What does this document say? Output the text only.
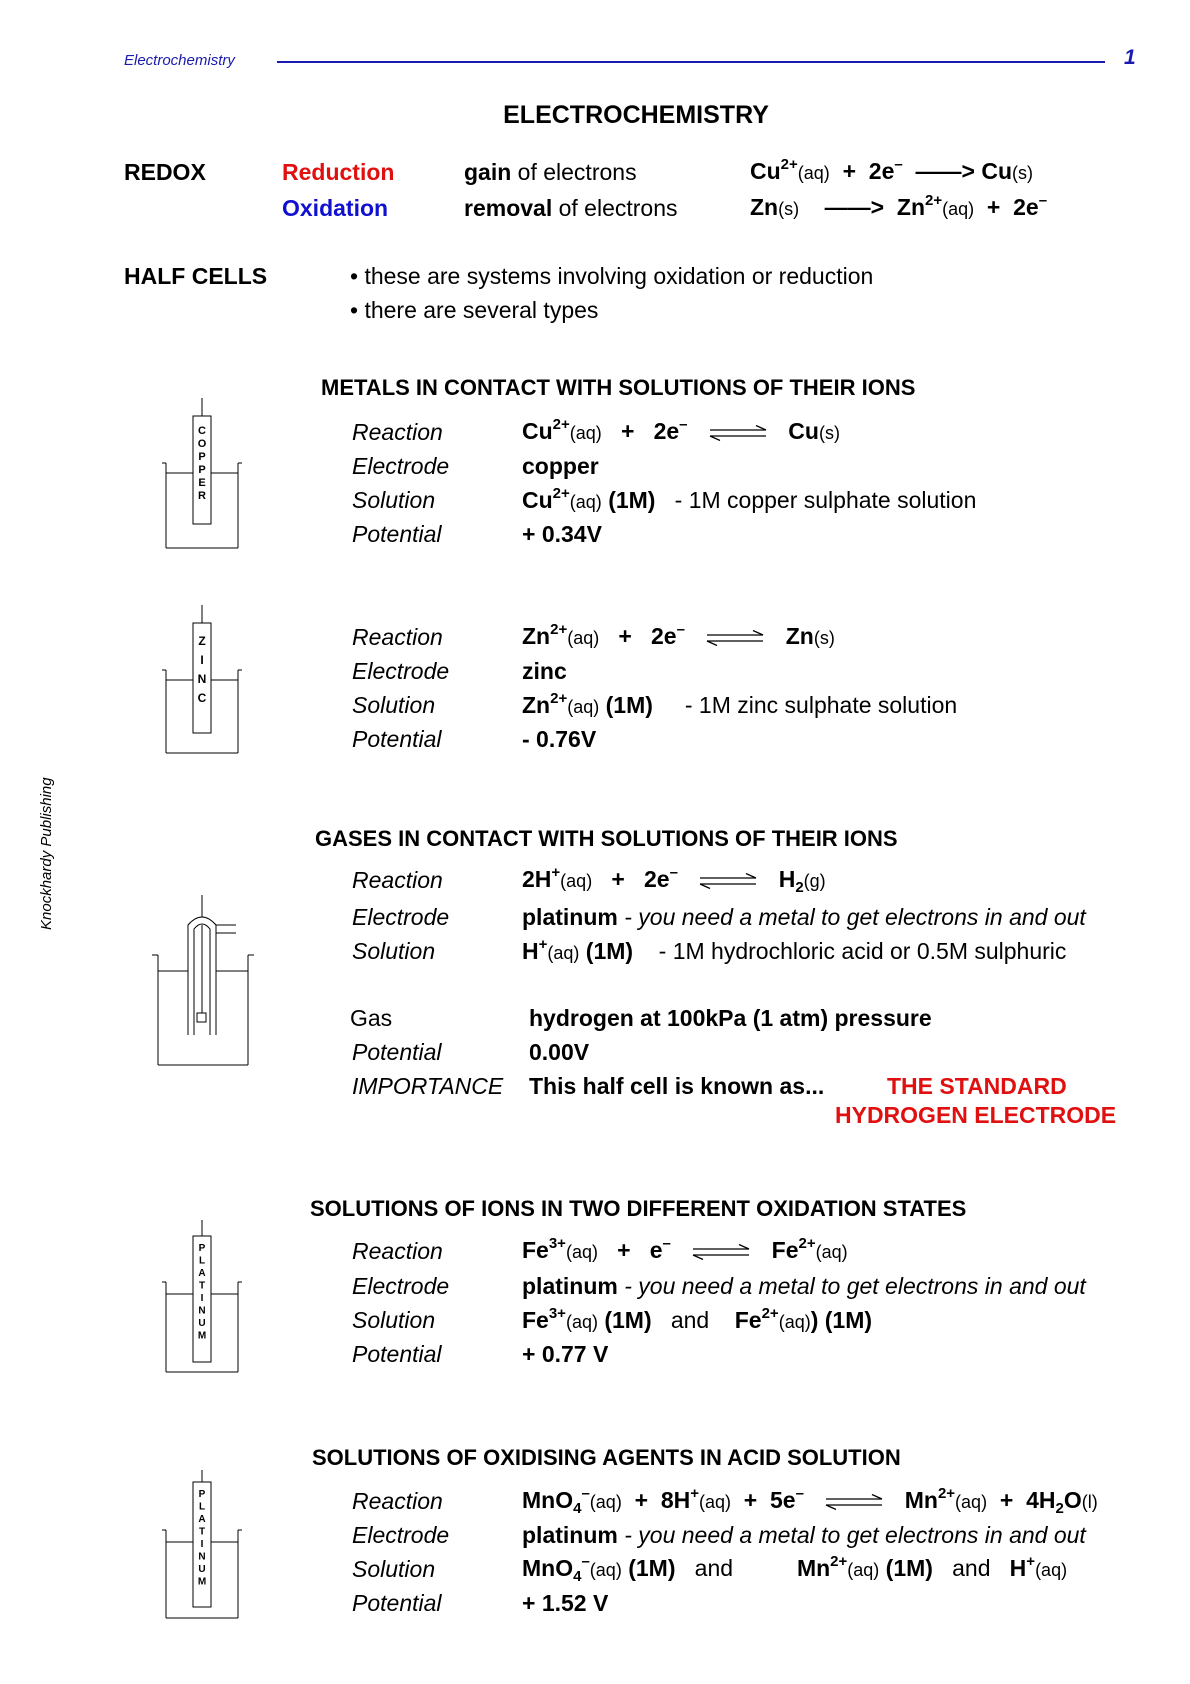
Electrochemistry	1
Knockhardy Publishing
ELECTROCHEMISTRY
REDOX	Reduction	gain of electrons	$Cu^{2+}(aq) + 2e^-$ ——> Cu(s)
Oxidation	removal of electrons	Zn(s) ——> $Zn^{2+}(aq) + 2e^-$
HALF CELLS	• these are systems involving oxidation or reduction
• there are several types
METALS IN CONTACT WITH SOLUTIONS OF THEIR IONS
C O P P E R
Reaction	$Cu^{2+}(aq) + 2e^-$	Cu(s)
Electrode	copper
Solution	$Cu^{2+}(aq)$ (1M) - 1M copper sulphate solution
Potential	+ 0.34V
Z I N C
Reaction	$Zn^{2+}(aq) + 2e^-$	Zn(s)
Electrode	zinc
Solution	$Zn^{2+}(aq)$ (1M) - 1M zinc sulphate solution
Potential	- 0.76V
GASES IN CONTACT WITH SOLUTIONS OF THEIR IONS
Reaction	2H+(aq) + 2e–	$H_2(g)$
Electrode	platinum - you need a metal to get electrons in and out
Solution	H+(aq) (1M) - 1M hydrochloric acid or 0.5M sulphuric
Gas	hydrogen at 100kPa (1 atm) pressure
Potential	0.00V
IMPORTANCE This half cell is known as...	THE STANDARD
HYDROGEN ELECTRODE
SOLUTIONS OF IONS IN TWO DIFFERENT OXIDATION STATES
P L A T I N U M
Reaction	$Fe^{3+}(aq) + e^-$	$Fe^{2+}(aq)$
Electrode	platinum - you need a metal to get electrons in and out
Solution	$Fe^{3+}(aq)$ (1M) and $Fe^{2+}(aq)$) (1M)
Potential	+ 0.77 V
SOLUTIONS OF OXIDISING AGENTS IN ACID SOLUTION
P L A T I N U M
Reaction	MnO$_4$–(aq) + 8H+(aq) + 5e–	$Mn^{2+}(aq) + 4H_2O(l)$
Electrode	platinum - you need a metal to get electrons in and out
Solution	MnO$_4$–(aq) (1M) and	$Mn^{2+}(aq)$ (1M) and H+(aq)
Potential	+ 1.52 V
